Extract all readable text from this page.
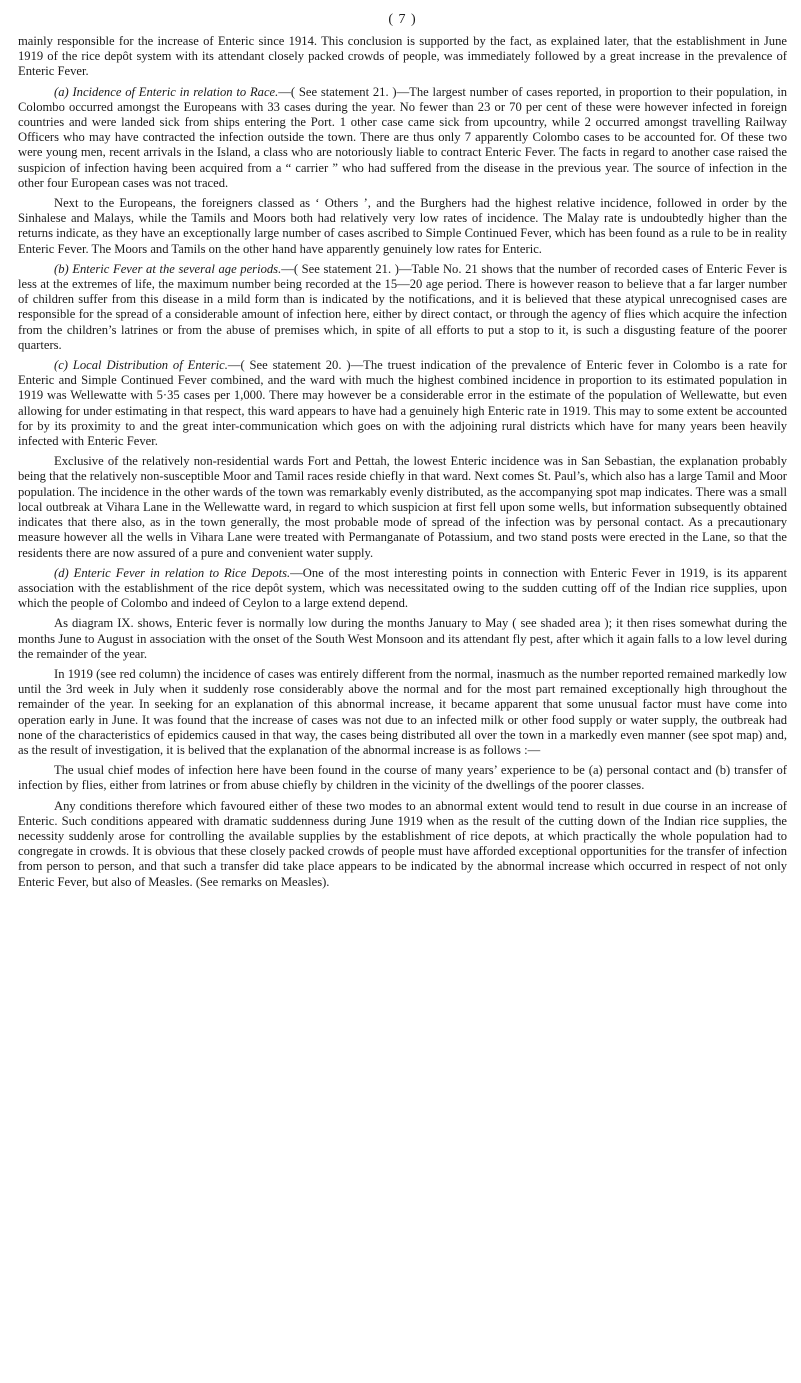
( 7 )

mainly responsible for the increase of Enteric since 1914. This conclusion is supported by the fact, as explained later, that the establishment in June 1919 of the rice depôt system with its attendant closely packed crowds of people, was immediately followed by a great increase in the prevalence of Enteric Fever.

(a) Incidence of Enteric in relation to Race.—( See statement 21. )—The largest number of cases reported, in proportion to their population, in Colombo occurred amongst the Europeans with 33 cases during the year. No fewer than 23 or 70 per cent of these were however infected in foreign countries and were landed sick from ships entering the Port. 1 other case came sick from upcountry, while 2 occurred amongst travelling Railway Officers who may have contracted the infection outside the town. There are thus only 7 apparently Colombo cases to be accounted for. Of these two were young men, recent arrivals in the Island, a class who are notoriously liable to contract Enteric Fever. The facts in regard to another case raised the suspicion of infection having been acquired from a “ carrier ” who had suffered from the disease in the previous year. The source of infection in the other four European cases was not traced.

Next to the Europeans, the foreigners classed as ‘ Others ’, and the Burghers had the highest relative incidence, followed in order by the Sinhalese and Malays, while the Tamils and Moors both had relatively very low rates of incidence. The Malay rate is undoubtedly higher than the returns indicate, as they have an exceptionally large number of cases ascribed to Simple Continued Fever, which has been found as a rule to be in reality Enteric Fever. The Moors and Tamils on the other hand have apparently genuinely low rates for Enteric.

(b) Enteric Fever at the several age periods.—( See statement 21. )—Table No. 21 shows that the number of recorded cases of Enteric Fever is less at the extremes of life, the maximum number being recorded at the 15—20 age period. There is however reason to believe that a far larger number of children suffer from this disease in a mild form than is indicated by the notifications, and it is believed that these atypical unrecognised cases are responsible for the spread of a considerable amount of infection here, either by direct contact, or through the agency of flies which acquire the infection from the children’s latrines or from the abuse of premises which, in spite of all efforts to put a stop to it, is such a disgusting feature of the poorer quarters.

(c) Local Distribution of Enteric.—( See statement 20. )—The truest indication of the prevalence of Enteric fever in Colombo is a rate for Enteric and Simple Continued Fever combined, and the ward with much the highest combined incidence in proportion to its estimated population in 1919 was Wellewatte with 5·35 cases per 1,000. There may however be a considerable error in the estimate of the population of Wellewatte, but even allowing for under estimating in that respect, this ward appears to have had a genuinely high Enteric rate in 1919. This may to some extent be accounted for by its proximity to and the great inter-communication which goes on with the adjoining rural districts which have for many years been heavily infected with Enteric Fever.

Exclusive of the relatively non-residential wards Fort and Pettah, the lowest Enteric incidence was in San Sebastian, the explanation probably being that the relatively non-susceptible Moor and Tamil races reside chiefly in that ward. Next comes St. Paul’s, which also has a large Tamil and Moor population. The incidence in the other wards of the town was remarkably evenly distributed, as the accompanying spot map indicates. There was a small local outbreak at Vihara Lane in the Wellewatte ward, in regard to which suspicion at first fell upon some wells, but information subsequently obtained indicates that there also, as in the town generally, the most probable mode of spread of the infection was by personal contact. As a precautionary measure however all the wells in Vihara Lane were treated with Permanganate of Potassium, and two stand posts were erected in the Lane, so that the residents there are now assured of a pure and convenient water supply.

(d) Enteric Fever in relation to Rice Depots.—One of the most interesting points in connection with Enteric Fever in 1919, is its apparent association with the establishment of the rice depôt system, which was necessitated owing to the sudden cutting off of the Indian rice supplies, upon which the people of Colombo and indeed of Ceylon to a large extend depend.

As diagram IX. shows, Enteric fever is normally low during the months January to May ( see shaded area ); it then rises somewhat during the months June to August in association with the onset of the South West Monsoon and its attendant fly pest, after which it again falls to a low level during the remainder of the year.

In 1919 (see red column) the incidence of cases was entirely different from the normal, inasmuch as the number reported remained markedly low until the 3rd week in July when it suddenly rose considerably above the normal and for the most part remained exceptionally high throughout the remainder of the year. In seeking for an explanation of this abnormal increase, it became apparent that some unusual factor must have come into operation early in June. It was found that the increase of cases was not due to an infected milk or other food supply or water supply, the outbreak had none of the characteristics of epidemics caused in that way, the cases being distributed all over the town in a markedly even manner (see spot map) and, as the result of investigation, it is belived that the explanation of the abnormal increase is as follows :—

The usual chief modes of infection here have been found in the course of many years’ experience to be (a) personal contact and (b) transfer of infection by flies, either from latrines or from abuse chiefly by children in the vicinity of the dwellings of the poorer classes.

Any conditions therefore which favoured either of these two modes to an abnormal extent would tend to result in due course in an increase of Enteric. Such conditions appeared with dramatic suddenness during June 1919 when as the result of the cutting down of the Indian rice supplies, the necessity suddenly arose for controlling the available supplies by the establishment of rice depots, at which practically the whole population had to congregate in crowds. It is obvious that these closely packed crowds of people must have afforded exceptional opportunities for the transfer of infection from person to person, and that such a transfer did take place appears to be indicated by the abnormal increase which occurred in respect of not only Enteric Fever, but also of Measles. (See remarks on Measles).
